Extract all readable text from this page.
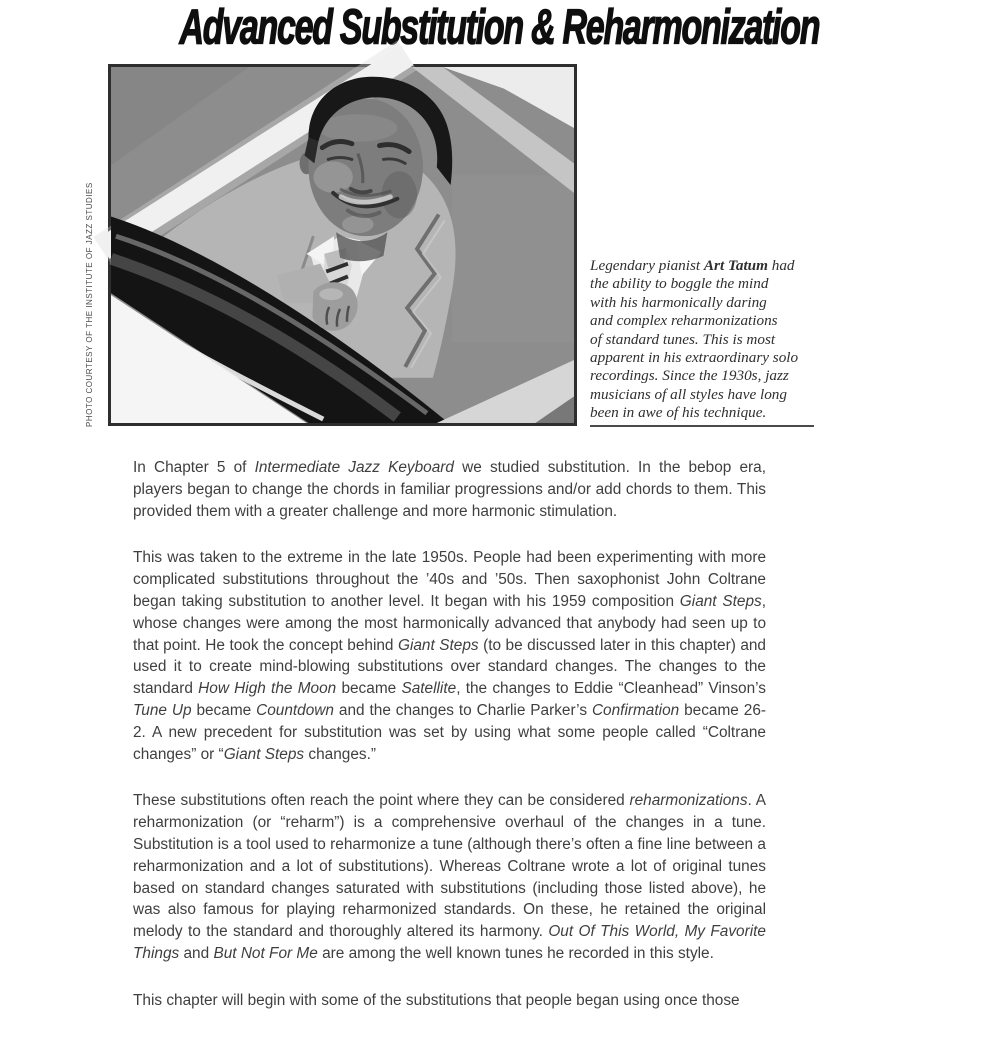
Advanced Substitution & Reharmonization
PHOTO COURTESY OF THE INSTITUTE OF JAZZ STUDIES	Legendary pianist Art Tatum had
the ability to boggle the mind
with his harmonically daring
and complex reharmonizations
of standard tunes. This is most
apparent in his extraordinary solo
recordings. Since the 1930s, jazz
musicians of all styles have long
been in awe of his technique.

In Chapter 5 of Intermediate Jazz Keyboard we studied substitution. In the bebop era, players began to change the chords in familiar progressions and/or add chords to them. This provided them with a greater challenge and more harmonic stimulation.

This was taken to the extreme in the late 1950s. People had been experimenting with more complicated substitutions throughout the ’40s and ’50s. Then saxophonist John Coltrane began taking substitution to another level. It began with his 1959 composition Giant Steps, whose changes were among the most harmonically advanced that anybody had seen up to that point. He took the concept behind Giant Steps (to be discussed later in this chapter) and used it to create mind-blowing substitutions over standard changes. The changes to the standard How High the Moon became Satellite, the changes to Eddie “Cleanhead” Vinson’s Tune Up became Countdown and the changes to Charlie Parker’s Confirmation became 26-2. A new precedent for substitution was set by using what some people called “Coltrane changes” or “Giant Steps changes.”

These substitutions often reach the point where they can be considered reharmonizations. A reharmonization (or “reharm”) is a comprehensive overhaul of the changes in a tune. Substitution is a tool used to reharmonize a tune (although there’s often a fine line between a reharmonization and a lot of substitutions). Whereas Coltrane wrote a lot of original tunes based on standard changes saturated with substitutions (including those listed above), he was also famous for playing reharmonized standards. On these, he retained the original melody to the standard and thoroughly altered its harmony. Out Of This World, My Favorite Things and But Not For Me are among the well known tunes he recorded in this style.

This chapter will begin with some of the substitutions that people began using once those
